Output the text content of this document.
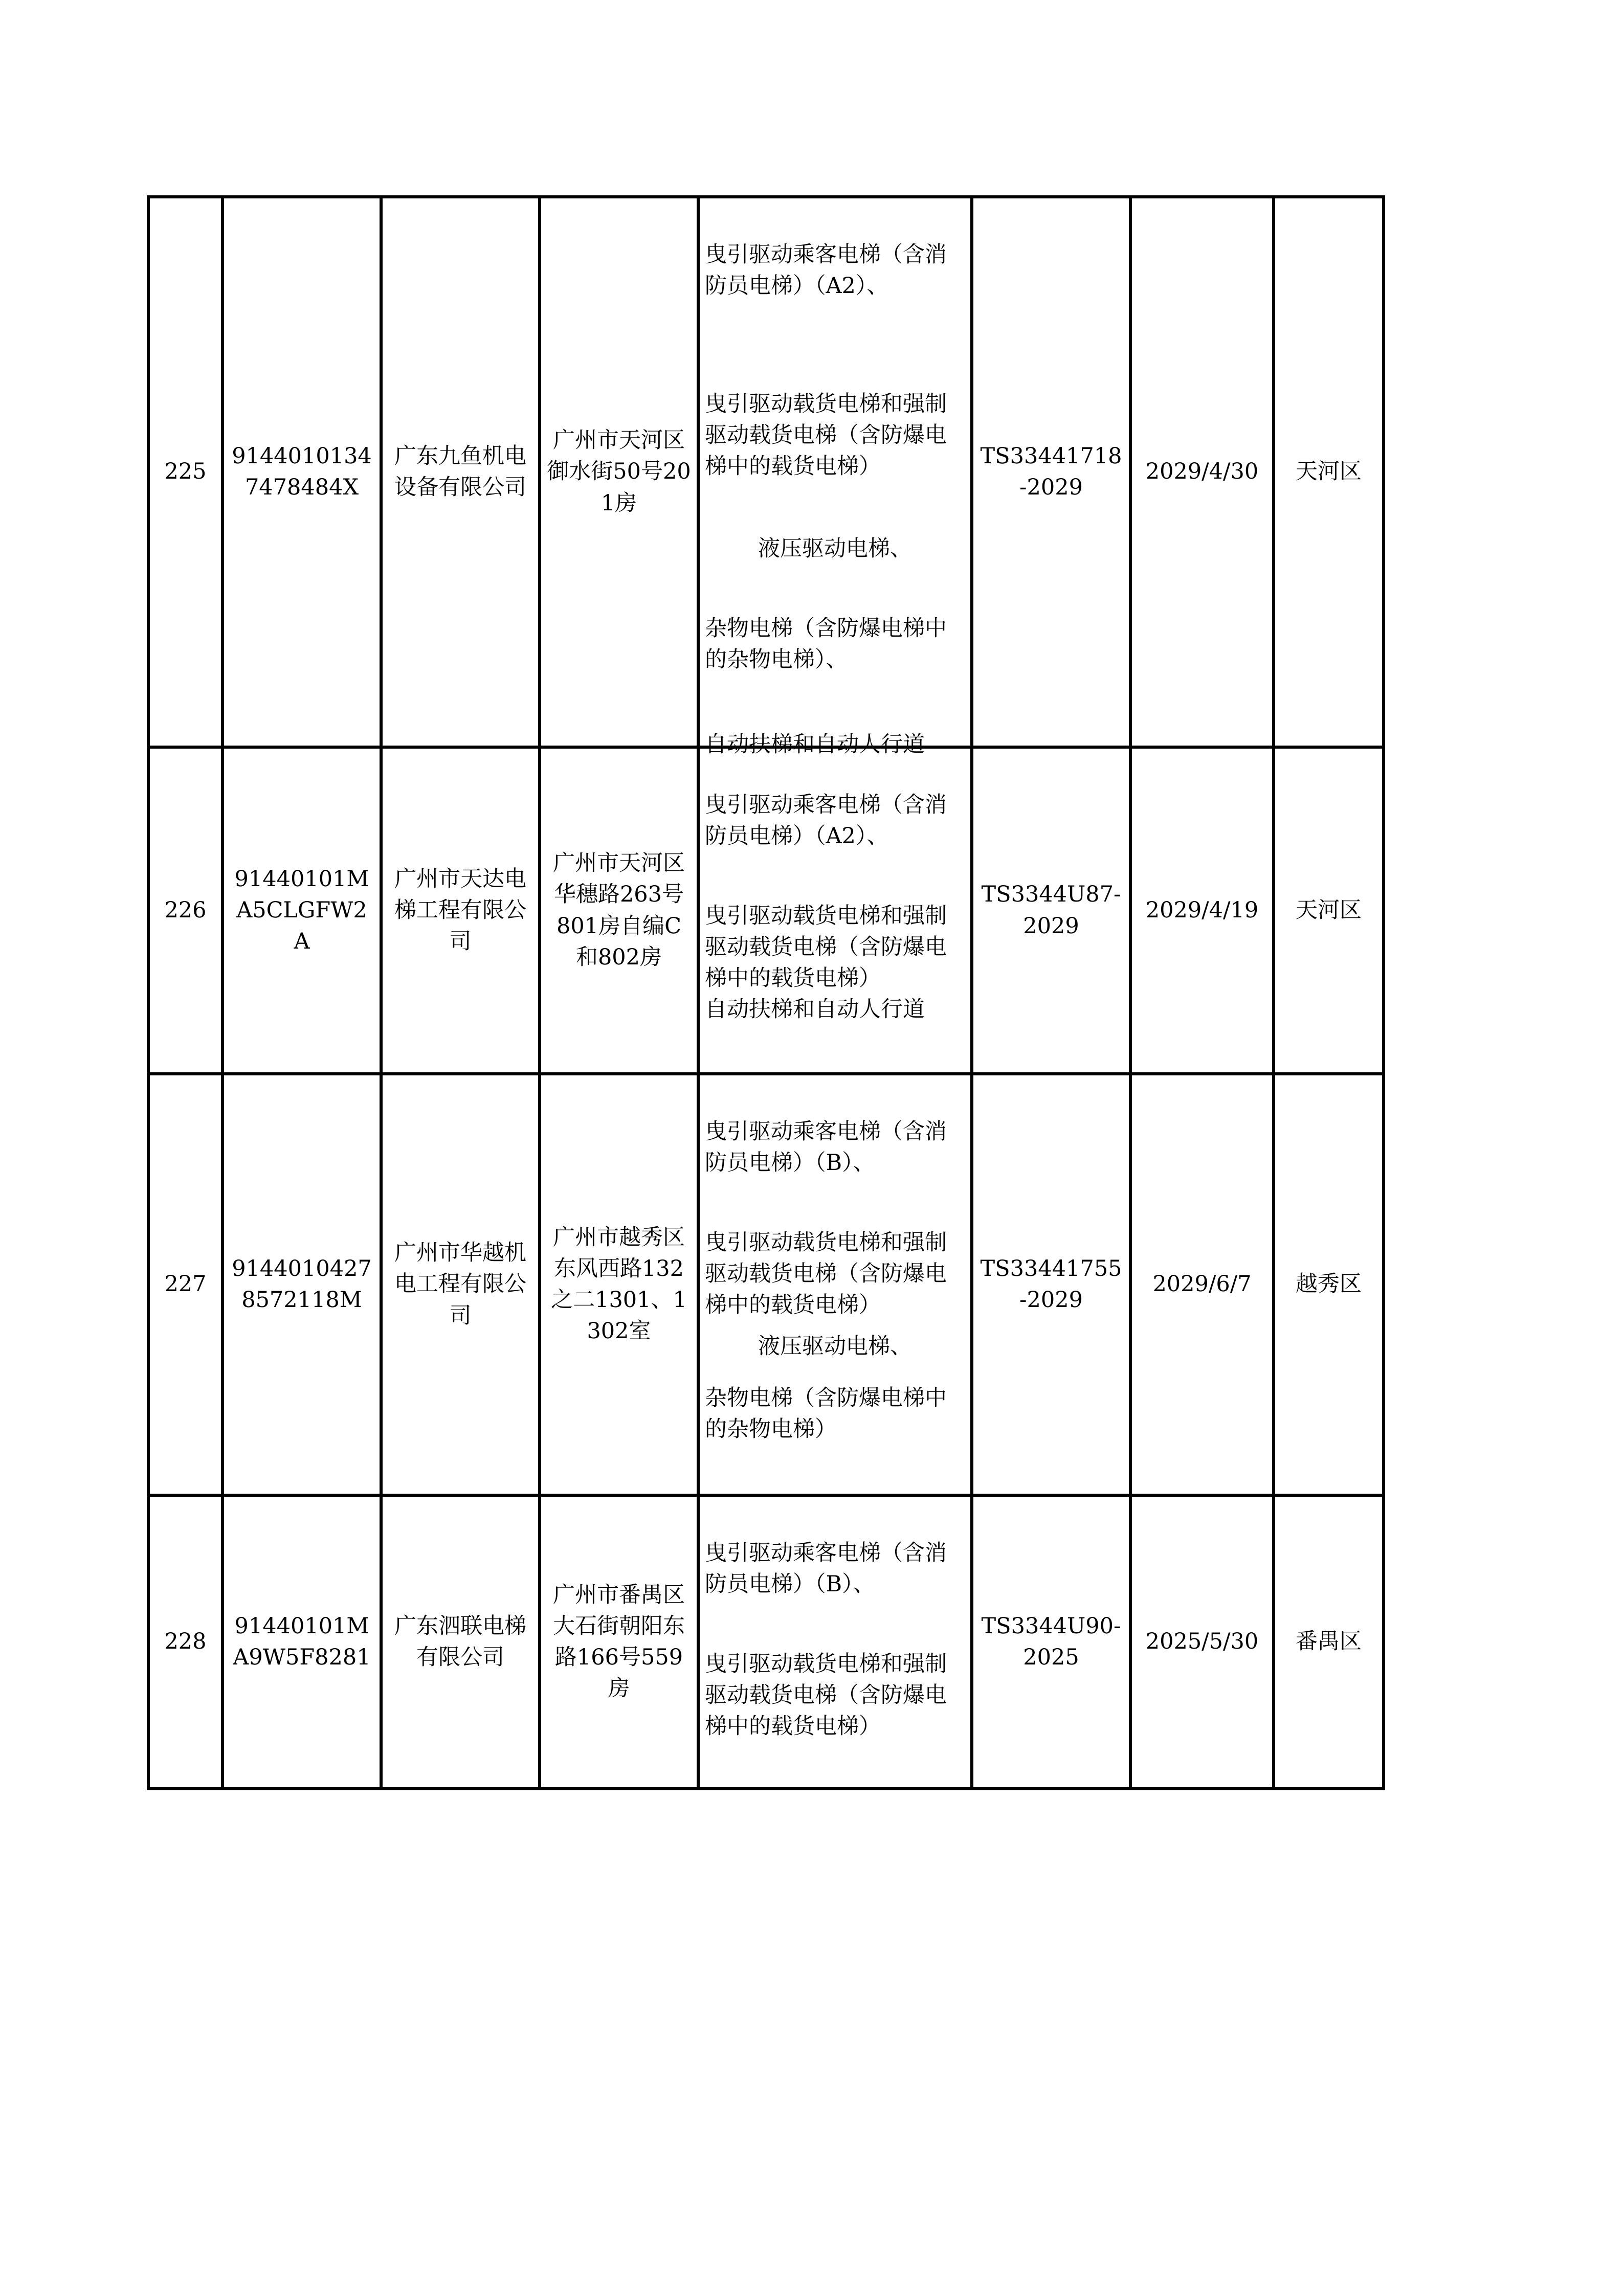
225	91440101347478484X	广东九鱼机电设备有限公司	广州市天河区御水街50号201房	曳引驱动乘客电梯（含消防员电梯）（A2）、

曳引驱动载货电梯和强制驱动载货电梯（含防爆电梯中的载货电梯）

液压驱动电梯、

杂物电梯（含防爆电梯中的杂物电梯）、

自动扶梯和自动人行道	TS33441718-2029	2029/4/30	天河区
226	91440101MA5CLGFW2A	广州市天达电梯工程有限公司	广州市天河区华穗路263号 801房自编C和802房	曳引驱动乘客电梯（含消防员电梯）（A2）、

曳引驱动载货电梯和强制驱动载货电梯（含防爆电梯中的载货电梯）

自动扶梯和自动人行道	TS3344U87-2029	2029/4/19	天河区
227	91440104278572118M	广州市华越机电工程有限公司	广州市越秀区东风西路132之二1301、1302室	曳引驱动乘客电梯（含消防员电梯）（B）、

曳引驱动载货电梯和强制驱动载货电梯（含防爆电梯中的载货电梯）

液压驱动电梯、

杂物电梯（含防爆电梯中的杂物电梯）	TS33441755-2029	2029/6/7	越秀区
228	91440101MA9W5F8281	广东泗联电梯有限公司	广州市番禺区大石街朝阳东路166号559房	曳引驱动乘客电梯（含消防员电梯）（B）、

曳引驱动载货电梯和强制驱动载货电梯（含防爆电梯中的载货电梯）	TS3344U90-2025	2025/5/30	番禺区
